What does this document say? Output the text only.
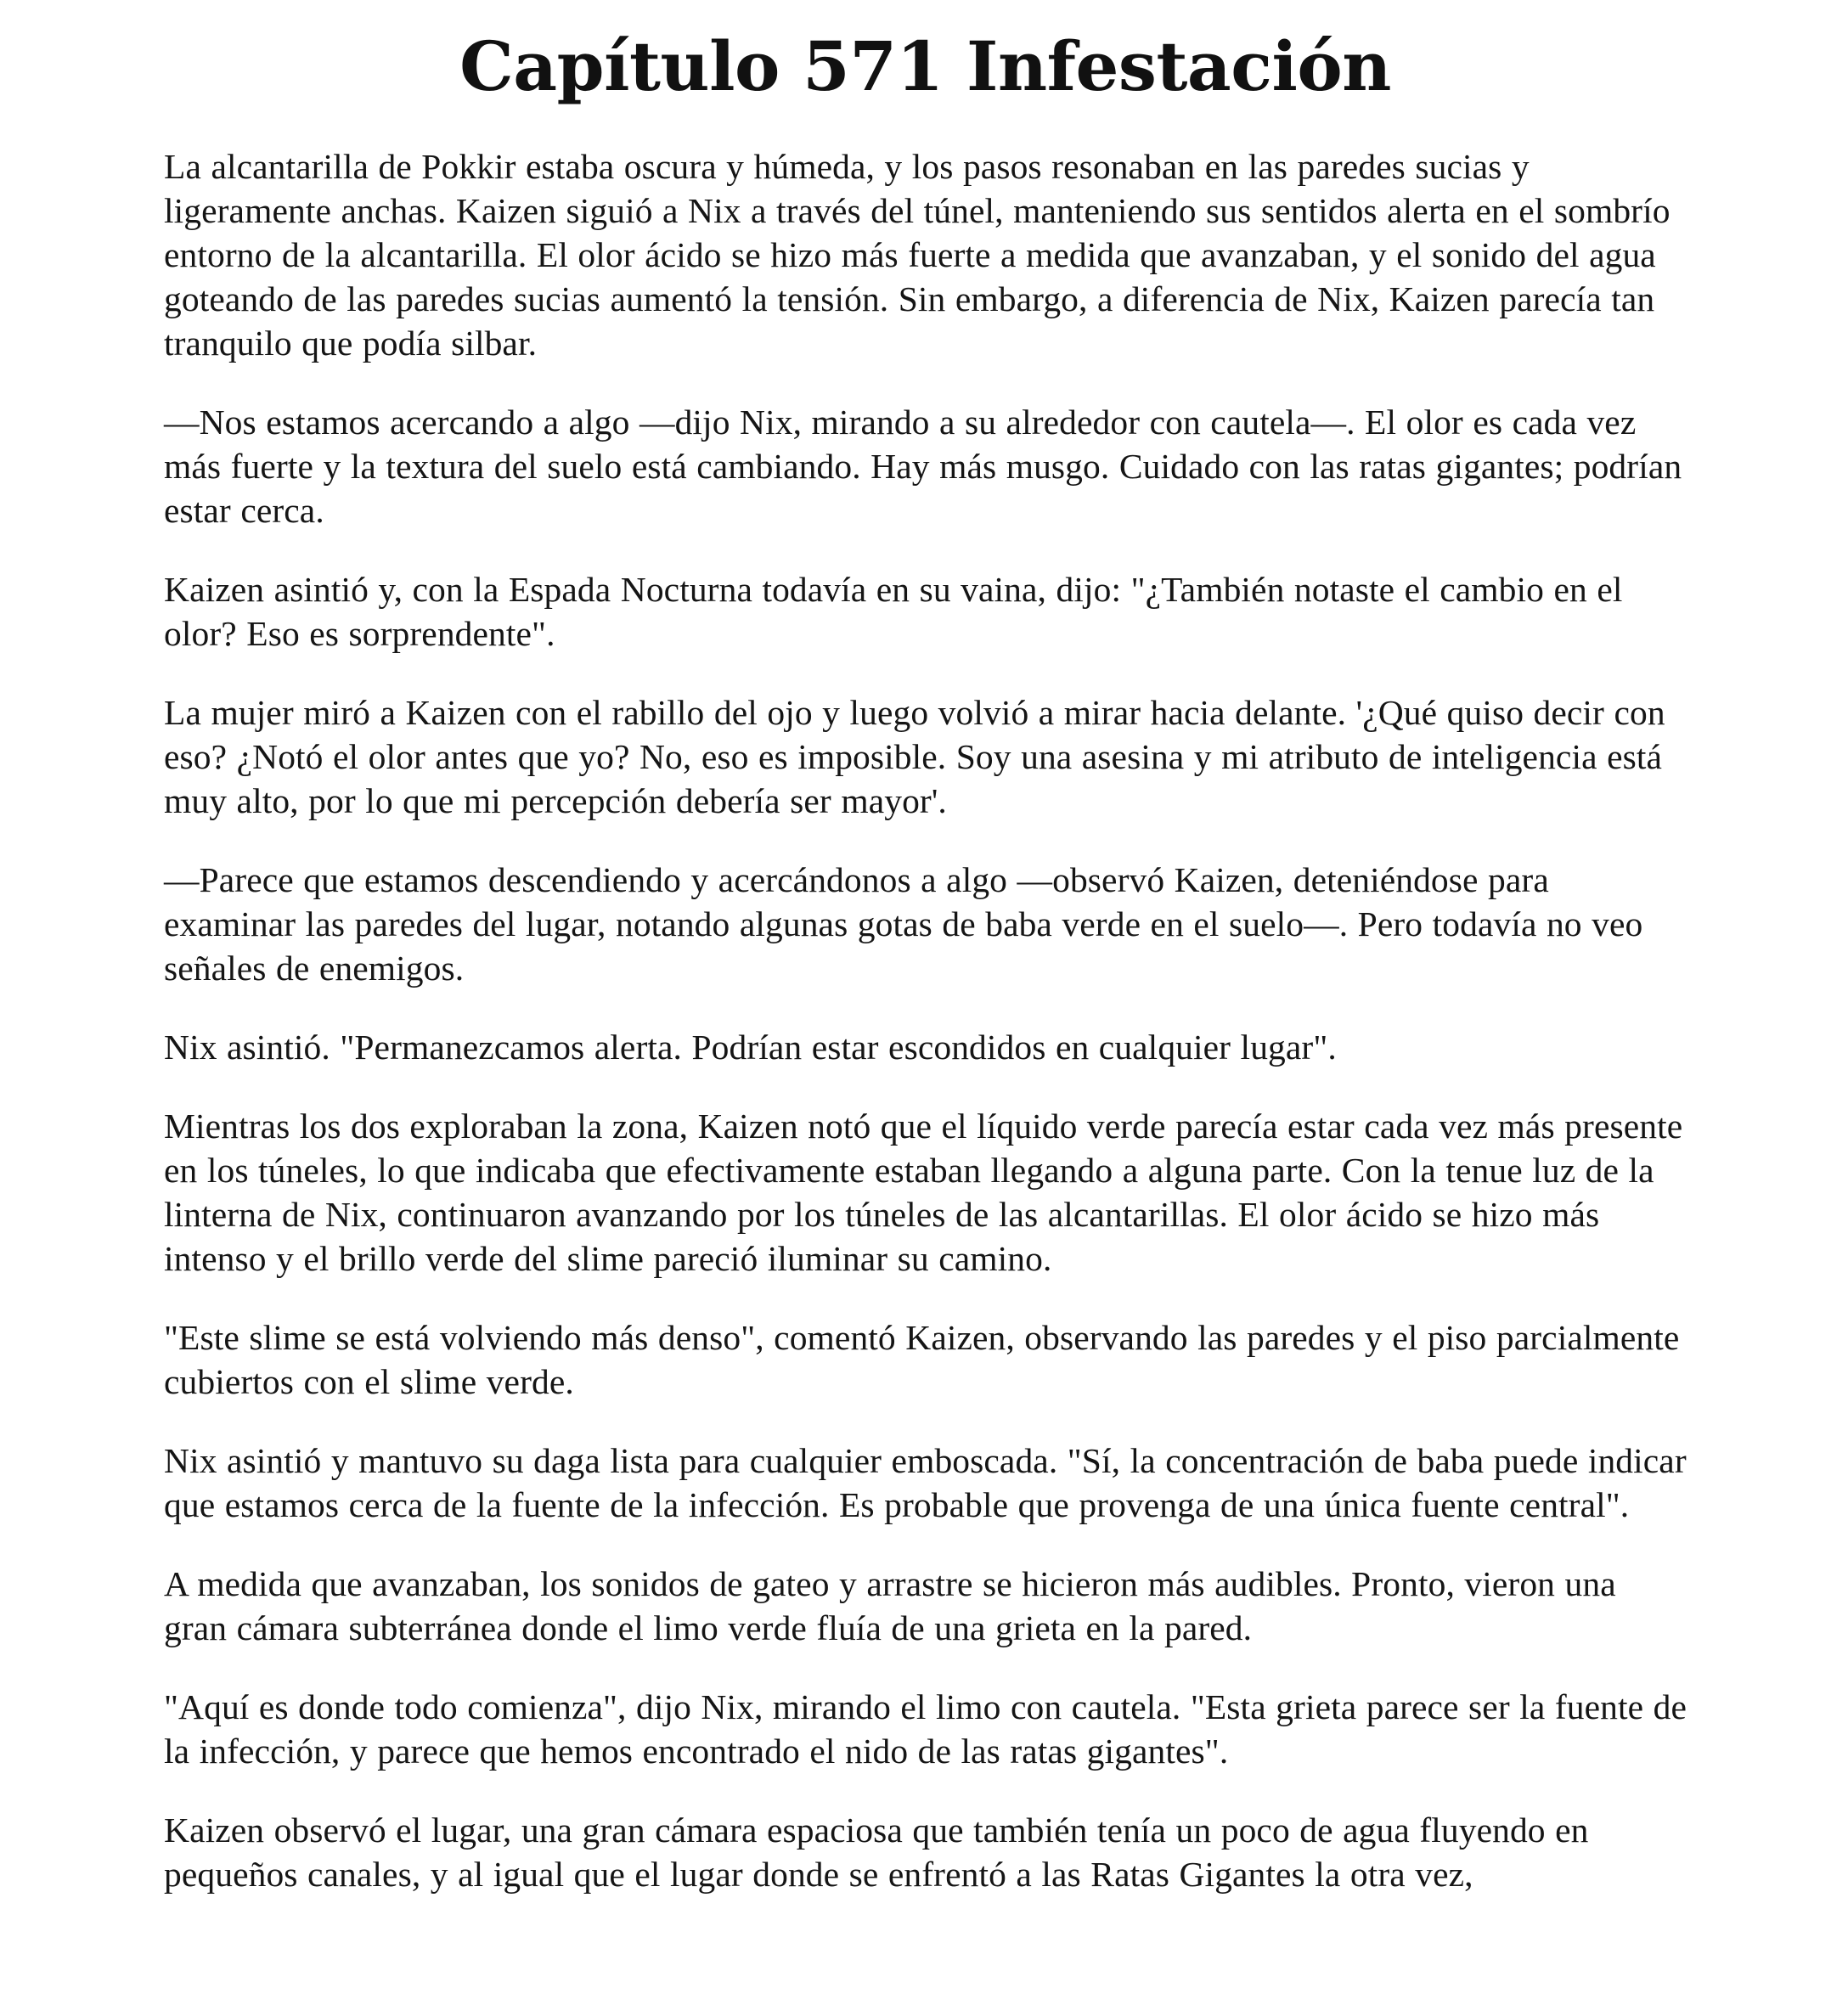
Capítulo 571 Infestación

La alcantarilla de Pokkir estaba oscura y húmeda, y los pasos resonaban en las paredes sucias y ligeramente anchas. Kaizen siguió a Nix a través del túnel, manteniendo sus sentidos alerta en el sombrío entorno de la alcantarilla. El olor ácido se hizo más fuerte a medida que avanzaban, y el sonido del agua goteando de las paredes sucias aumentó la tensión. Sin embargo, a diferencia de Nix, Kaizen parecía tan tranquilo que podía silbar.

—Nos estamos acercando a algo —dijo Nix, mirando a su alrededor con cautela—. El olor es cada vez más fuerte y la textura del suelo está cambiando. Hay más musgo. Cuidado con las ratas gigantes; podrían estar cerca.

Kaizen asintió y, con la Espada Nocturna todavía en su vaina, dijo: "¿También notaste el cambio en el olor? Eso es sorprendente".

La mujer miró a Kaizen con el rabillo del ojo y luego volvió a mirar hacia delante. '¿Qué quiso decir con eso? ¿Notó el olor antes que yo? No, eso es imposible. Soy una asesina y mi atributo de inteligencia está muy alto, por lo que mi percepción debería ser mayor'.

—Parece que estamos descendiendo y acercándonos a algo —observó Kaizen, deteniéndose para examinar las paredes del lugar, notando algunas gotas de baba verde en el suelo—. Pero todavía no veo señales de enemigos.

Nix asintió. "Permanezcamos alerta. Podrían estar escondidos en cualquier lugar".

Mientras los dos exploraban la zona, Kaizen notó que el líquido verde parecía estar cada vez más presente en los túneles, lo que indicaba que efectivamente estaban llegando a alguna parte. Con la tenue luz de la linterna de Nix, continuaron avanzando por los túneles de las alcantarillas. El olor ácido se hizo más intenso y el brillo verde del slime pareció iluminar su camino.

"Este slime se está volviendo más denso", comentó Kaizen, observando las paredes y el piso parcialmente cubiertos con el slime verde.

Nix asintió y mantuvo su daga lista para cualquier emboscada. "Sí, la concentración de baba puede indicar que estamos cerca de la fuente de la infección. Es probable que provenga de una única fuente central".

A medida que avanzaban, los sonidos de gateo y arrastre se hicieron más audibles. Pronto, vieron una gran cámara subterránea donde el limo verde fluía de una grieta en la pared.

"Aquí es donde todo comienza", dijo Nix, mirando el limo con cautela. "Esta grieta parece ser la fuente de la infección, y parece que hemos encontrado el nido de las ratas gigantes".

Kaizen observó el lugar, una gran cámara espaciosa que también tenía un poco de agua fluyendo en pequeños canales, y al igual que el lugar donde se enfrentó a las Ratas Gigantes la otra vez,
